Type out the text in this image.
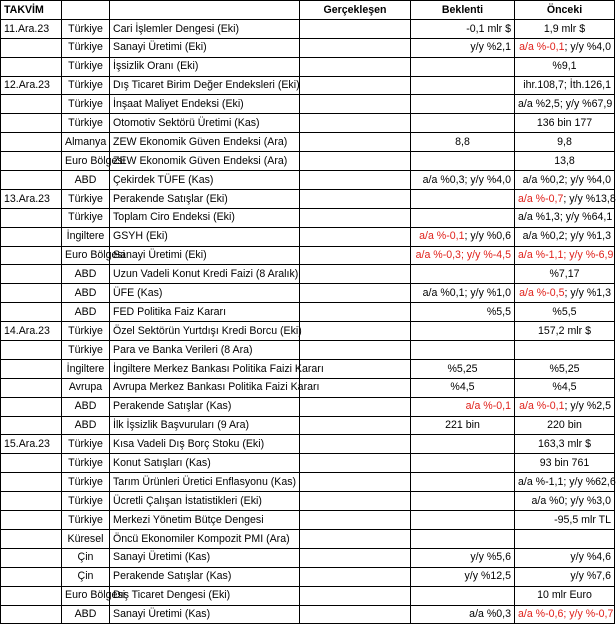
TAKVİM			Gerçekleşen	Beklenti	Önceki
11.Ara.23	Türkiye	Cari İşlemler Dengesi (Eki)		-0,1 mlr $	1,9 mlr $
	Türkiye	Sanayi Üretimi (Eki)		y/y %2,1	a/a %-0,1; y/y %4,0
	Türkiye	İşsizlik Oranı (Eki)			%9,1
12.Ara.23	Türkiye	Dış Ticaret Birim Değer Endeksleri (Eki)			ihr.108,7; İth.126,1
	Türkiye	İnşaat Maliyet Endeksi (Eki)			a/a %2,5; y/y %67,9
	Türkiye	Otomotiv Sektörü Üretimi (Kas)			136 bin 177
	Almanya	ZEW Ekonomik Güven Endeksi (Ara)		8,8	9,8
	Euro Bölgesi	ZEW Ekonomik Güven Endeksi (Ara)			13,8
	ABD	Çekirdek TÜFE (Kas)		a/a %0,3; y/y %4,0	a/a %0,2; y/y %4,0
13.Ara.23	Türkiye	Perakende Satışlar (Eki)			a/a %-0,7; y/y %13,8
	Türkiye	Toplam Ciro Endeksi (Eki)			a/a %1,3; y/y %64,1
	İngiltere	GSYH (Eki)		a/a %-0,1; y/y %0,6	a/a %0,2; y/y %1,3
	Euro Bölgesi	Sanayi Üretimi (Eki)		a/a %-0,3; y/y %-4,5	a/a %-1,1; y/y %-6,9
	ABD	Uzun Vadeli Konut Kredi Faizi (8 Aralık)			%7,17
	ABD	ÜFE (Kas)		a/a %0,1; y/y %1,0	a/a %-0,5; y/y %1,3
	ABD	FED Politika Faiz Kararı		%5,5	%5,5
14.Ara.23	Türkiye	Özel Sektörün Yurtdışı Kredi Borcu (Eki)			157,2 mlr $
	Türkiye	Para ve Banka Verileri (8 Ara)			
	İngiltere	İngiltere Merkez Bankası Politika Faizi Kararı		%5,25	%5,25
	Avrupa	Avrupa Merkez Bankası Politika Faizi Kararı		%4,5	%4,5
	ABD	Perakende Satışlar (Kas)		a/a %-0,1	a/a %-0,1; y/y %2,5
	ABD	İlk İşsizlik Başvuruları (9 Ara)		221 bin	220 bin
15.Ara.23	Türkiye	Kısa Vadeli Dış Borç Stoku (Eki)			163,3 mlr $
	Türkiye	Konut Satışları (Kas)			93 bin 761
	Türkiye	Tarım Ürünleri Üretici Enflasyonu (Kas)			a/a %-1,1; y/y %62,6
	Türkiye	Ücretli Çalışan İstatistikleri (Eki)			a/a %0; y/y %3,0
	Türkiye	Merkezi Yönetim Bütçe Dengesi			-95,5 mlr TL
	Küresel	Öncü Ekonomiler Kompozit PMI (Ara)			
	Çin	Sanayi Üretimi (Kas)		y/y %5,6	y/y %4,6
	Çin	Perakende Satışlar (Kas)		y/y %12,5	y/y %7,6
	Euro Bölgesi	Dış Ticaret Dengesi (Eki)			10 mlr Euro
	ABD	Sanayi Üretimi (Kas)		a/a %0,3	a/a %-0,6; y/y %-0,7
